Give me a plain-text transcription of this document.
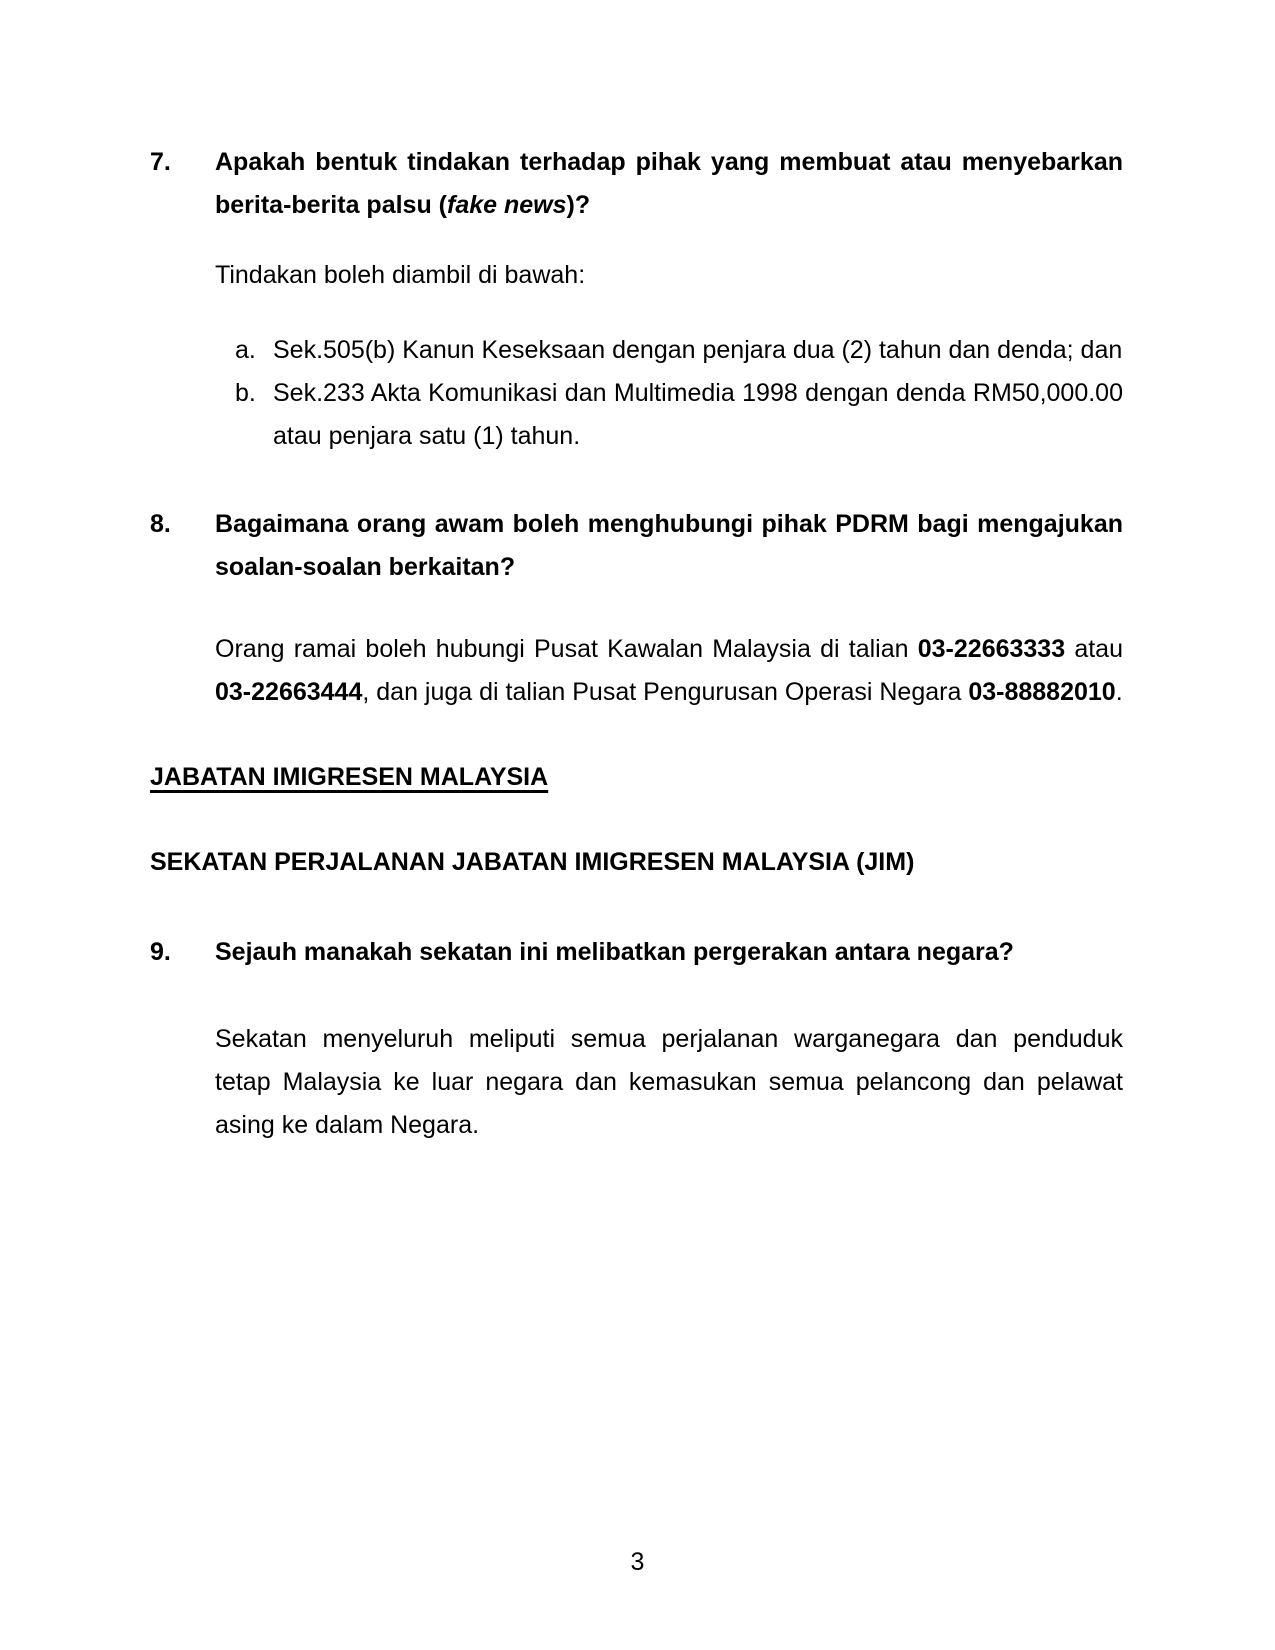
7.	Apakah bentuk tindakan terhadap pihak yang membuat atau menyebarkan berita-berita palsu (fake news)?
Tindakan boleh diambil di bawah:
a. Sek.505(b) Kanun Keseksaan dengan penjara dua (2) tahun dan denda; dan
b. Sek.233 Akta Komunikasi dan Multimedia 1998 dengan denda RM50,000.00 atau penjara satu (1) tahun.
8.	Bagaimana orang awam boleh menghubungi pihak PDRM bagi mengajukan soalan-soalan berkaitan?
Orang ramai boleh hubungi Pusat Kawalan Malaysia di talian 03-22663333 atau 03-22663444, dan juga di talian Pusat Pengurusan Operasi Negara 03-88882010.
JABATAN IMIGRESEN MALAYSIA
SEKATAN PERJALANAN JABATAN IMIGRESEN MALAYSIA (JIM)
9.	Sejauh manakah sekatan ini melibatkan pergerakan antara negara?
Sekatan menyeluruh meliputi semua perjalanan warganegara dan penduduk tetap Malaysia ke luar negara dan kemasukan semua pelancong dan pelawat asing ke dalam Negara.
3
